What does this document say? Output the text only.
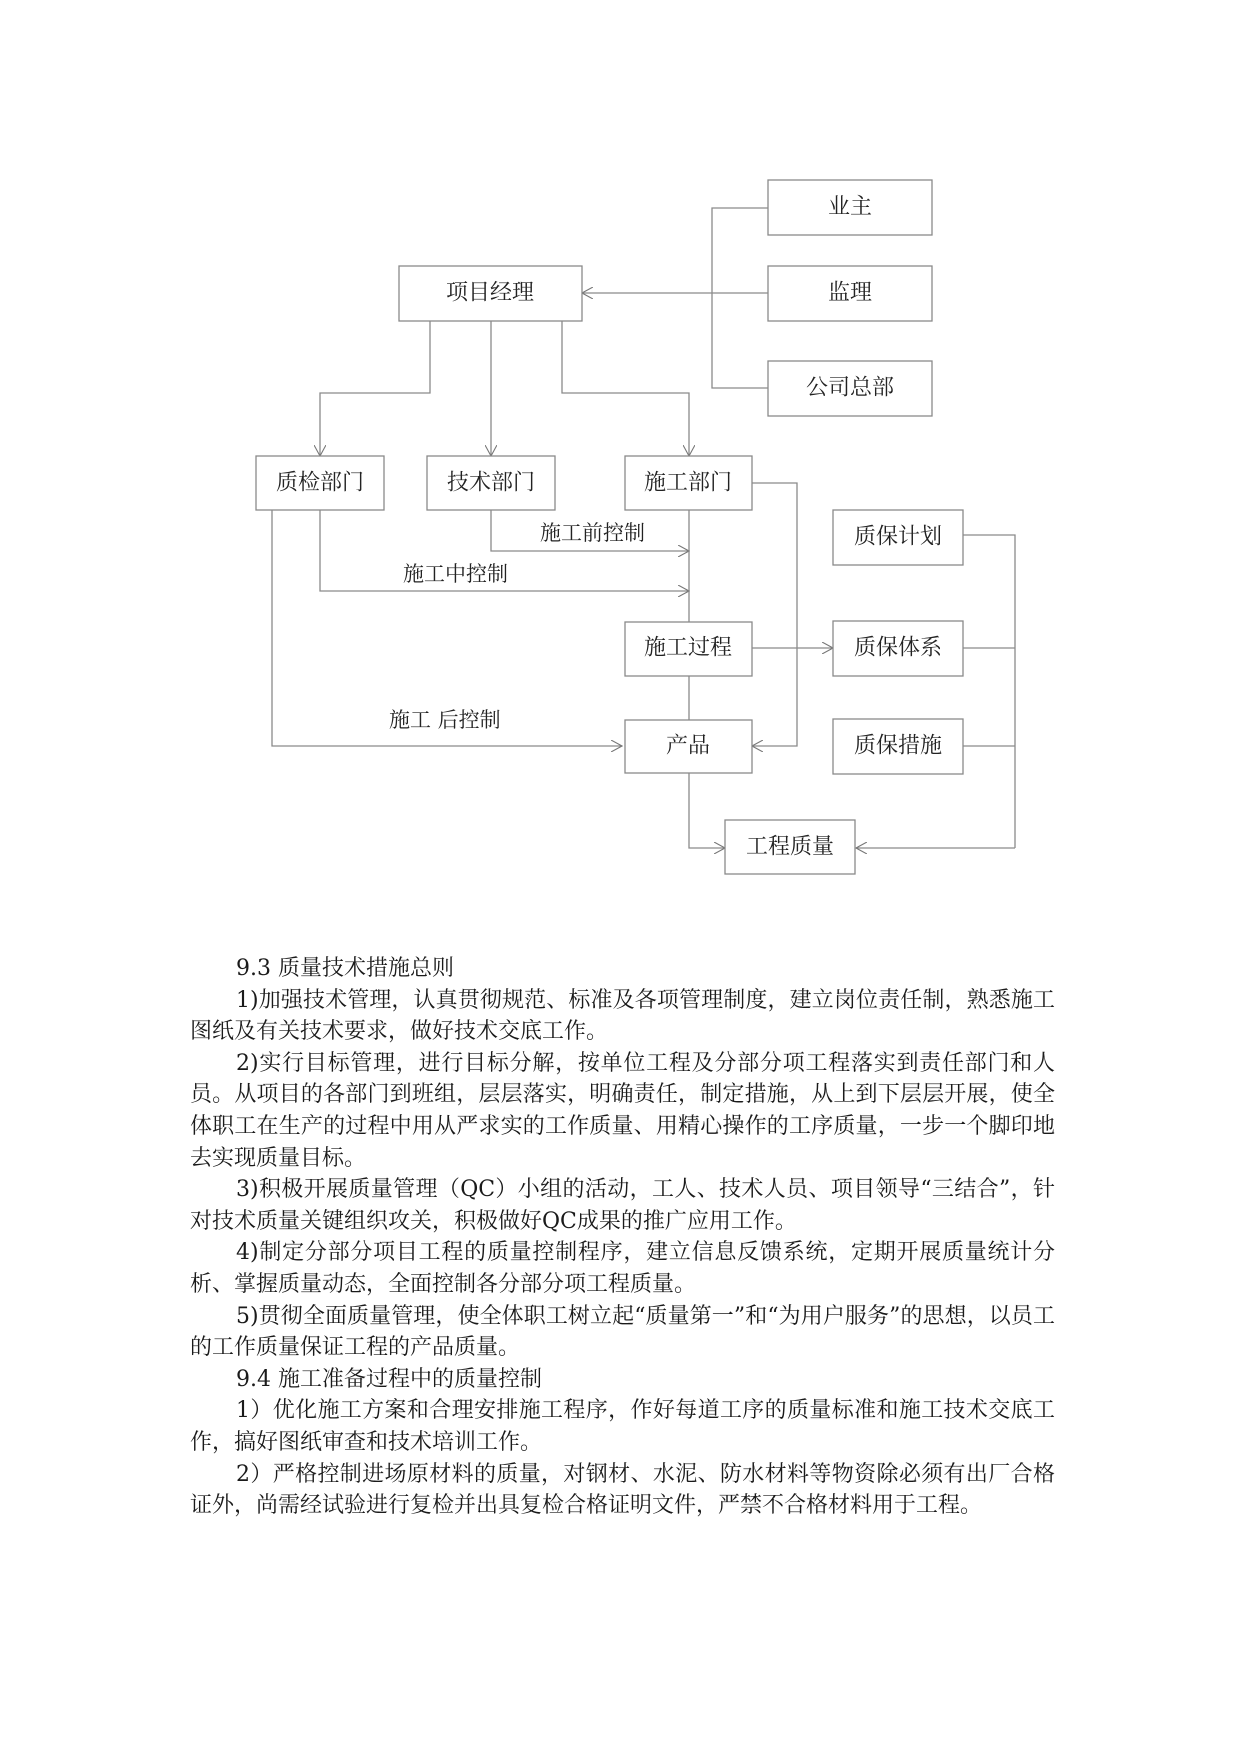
业主
监理
公司总部
项目经理
质检部门	技术部门	施工部门
质保计划
施工过程	质保体系
产品	质保措施
工程质量
施工前控制
施工中控制
施工 后控制

9.3 质量技术措施总则

1)加强技术管理，认真贯彻规范、标准及各项管理制度，建立岗位责任制，熟悉施工图纸及有关技术要求，做好技术交底工作。

2)实行目标管理，进行目标分解，按单位工程及分部分项工程落实到责任部门和人员。从项目的各部门到班组，层层落实，明确责任，制定措施，从上到下层层开展，使全体职工在生产的过程中用从严求实的工作质量、用精心操作的工序质量，一步一个脚印地去实现质量目标。

3)积极开展质量管理（QC）小组的活动，工人、技术人员、项目领导“三结合”，针对技术质量关键组织攻关，积极做好QC成果的推广应用工作。

4)制定分部分项目工程的质量控制程序，建立信息反馈系统，定期开展质量统计分析、掌握质量动态，全面控制各分部分项工程质量。

5)贯彻全面质量管理，使全体职工树立起“质量第一”和“为用户服务”的思想，以员工的工作质量保证工程的产品质量。

9.4 施工准备过程中的质量控制

1）优化施工方案和合理安排施工程序，作好每道工序的质量标准和施工技术交底工作，搞好图纸审查和技术培训工作。

2）严格控制进场原材料的质量，对钢材、水泥、防水材料等物资除必须有出厂合格证外，尚需经试验进行复检并出具复检合格证明文件，严禁不合格材料用于工程。
